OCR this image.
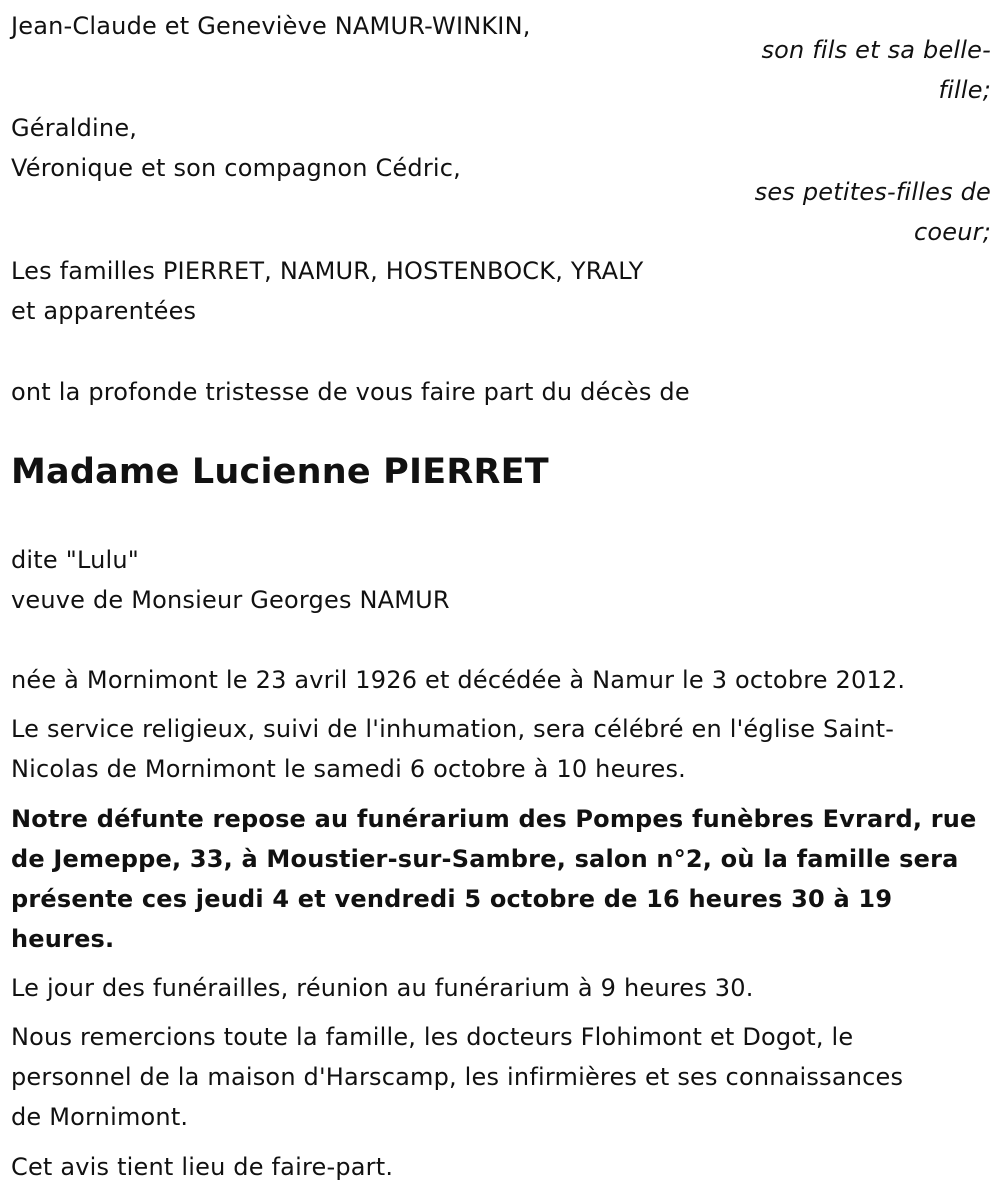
Jean-Claude et Geneviève NAMUR-WINKIN,

son fils et sa belle-
fille;

Géraldine,

Véronique et son compagnon Cédric,

ses petites-filles de
coeur;

Les familles PIERRET, NAMUR, HOSTENBOCK, YRALY

et apparentées

ont la profonde tristesse de vous faire part du décès de

Madame Lucienne PIERRET

dite "Lulu"

veuve de Monsieur Georges NAMUR

née à Mornimont le 23 avril 1926 et décédée à Namur le 3 octobre 2012.

Le service religieux, suivi de l'inhumation, sera célébré en l'église Saint-

Nicolas de Mornimont le samedi 6 octobre à 10 heures.

Notre défunte repose au funérarium des Pompes funèbres Evrard, rue

de Jemeppe, 33, à Moustier-sur-Sambre, salon n°2, où la famille sera

présente ces jeudi 4 et vendredi 5 octobre de 16 heures 30 à 19

heures.

Le jour des funérailles, réunion au funérarium à 9 heures 30.

Nous remercions toute la famille, les docteurs Flohimont et Dogot, le

personnel de la maison d'Harscamp, les infirmières et ses connaissances

de Mornimont.

Cet avis tient lieu de faire-part.
